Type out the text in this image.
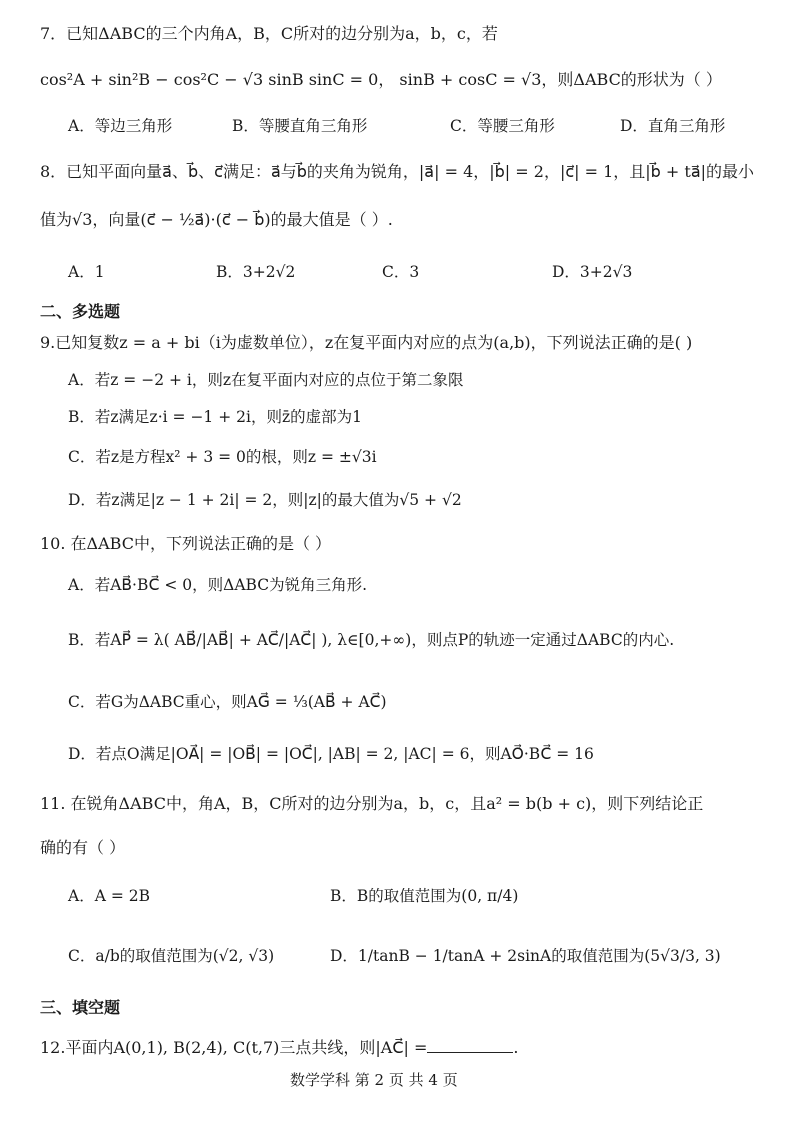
7．已知ΔABC的三个内角A，B，C所对的边分别为a，b，c，若
cos²A + sin²B − cos²C − √3 sinB sinC = 0， sinB + cosC = √3，则ΔABC的形状为（ ）
A．等边三角形	B．等腰直角三角形	C．等腰三角形	D．直角三角形
8．已知平面向量a⃗、b⃗、c⃗满足：a⃗与b⃗的夹角为锐角，|a⃗| = 4，|b⃗| = 2，|c⃗| = 1，且|b⃗ + ta⃗|的最小
值为√3，向量(c⃗ − ½a⃗)·(c⃗ − b⃗)的最大值是（ ）.
A．1	B．3+2√2	C．3	D．3+2√3
二、多选题
9.已知复数z = a + bi（i为虚数单位），z在复平面内对应的点为(a,b)，下列说法正确的是( )
A．若z = −2 + i，则z在复平面内对应的点位于第二象限
B．若z满足z·i = −1 + 2i，则z̄的虚部为1
C．若z是方程x² + 3 = 0的根，则z = ±√3i
D．若z满足|z − 1 + 2i| = 2，则|z|的最大值为√5 + √2
10. 在ΔABC中，下列说法正确的是（ ）
A．若AB⃗·BC⃗ < 0，则ΔABC为锐角三角形.
B．若AP⃗ = λ( AB⃗/|AB⃗| + AC⃗/|AC⃗| ), λ∈[0,+∞)，则点P的轨迹一定通过ΔABC的内心.
C．若G为ΔABC重心，则AG⃗ = ⅓(AB⃗ + AC⃗)
D．若点O满足|OA⃗| = |OB⃗| = |OC⃗|, |AB| = 2, |AC| = 6，则AO⃗·BC⃗ = 16
11. 在锐角ΔABC中，角A，B，C所对的边分别为a，b，c，且a² = b(b + c)，则下列结论正
确的有（ ）
A．A = 2B	B．B的取值范围为(0, π/4)
C．a/b的取值范围为(√2, √3)	D．1/tanB − 1/tanA + 2sinA的取值范围为(5√3/3, 3)
三、填空题
12.平面内A(0,1), B(2,4), C(t,7)三点共线，则|AC⃗| =	.
数学学科 第 2 页 共 4 页
